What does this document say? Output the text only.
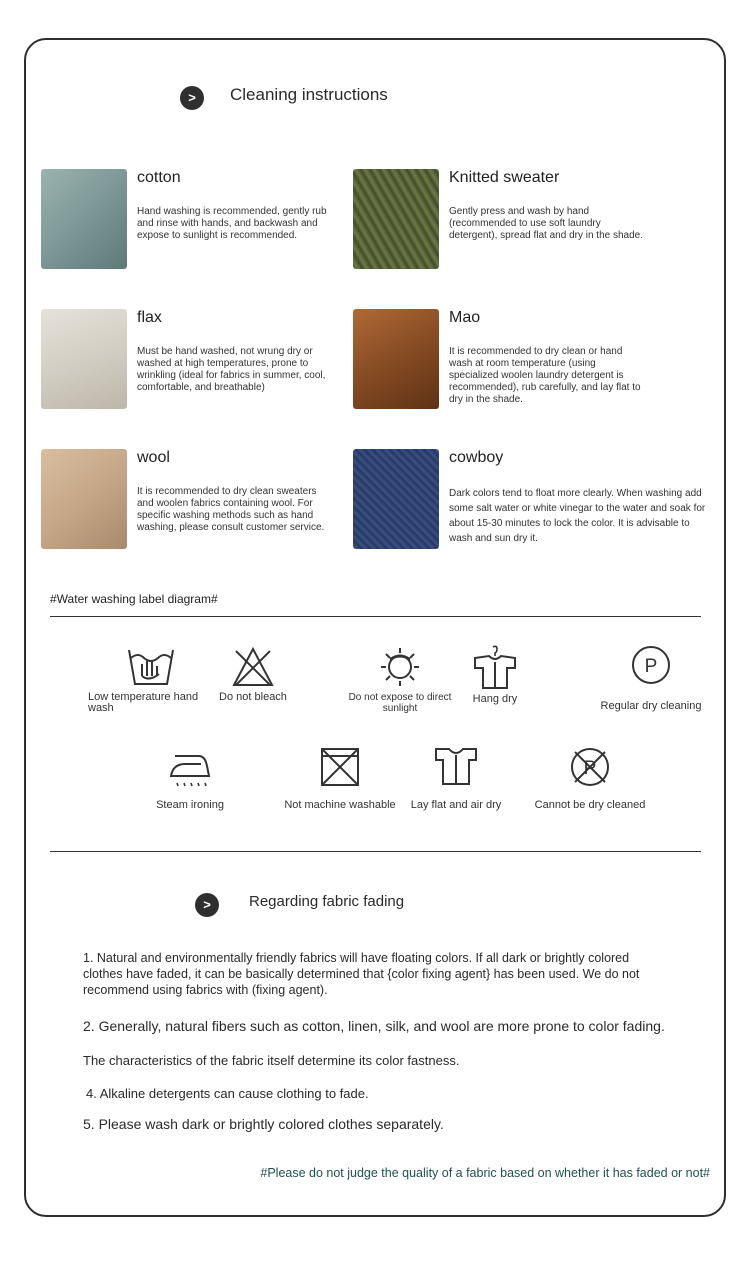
>	Cleaning instructions
cotton
Hand washing is recommended, gently rub and rinse with hands, and backwash and expose to sunlight is recommended.
Knitted sweater
Gently press and wash by hand (recommended to use soft laundry detergent), spread flat and dry in the shade.
flax
Must be hand washed, not wrung dry or washed at high temperatures, prone to wrinkling (ideal for fabrics in summer, cool, comfortable, and breathable)
Mao
It is recommended to dry clean or hand wash at room temperature (using specialized woolen laundry detergent is recommended), rub carefully, and lay flat to dry in the shade.
wool
It is recommended to dry clean sweaters and woolen fabrics containing wool. For specific washing methods such as hand washing, please consult customer service.
cowboy
Dark colors tend to float more clearly. When washing add some salt water or white vinegar to the water and soak for about 15-30 minutes to lock the color. It is advisable to wash and sun dry it.
#Water washing label diagram#
Low temperature hand wash
Do not bleach	Do not expose to direct sunlight
Hang dry
P
Regular dry cleaning
Steam ironing	Not machine washable	Lay flat and air dry
P
Cannot be dry cleaned
>	Regarding fabric fading
1. Natural and environmentally friendly fabrics will have floating colors. If all dark or brightly colored clothes have faded, it can be basically determined that {color fixing agent} has been used. We do not recommend using fabrics with (fixing agent).
2. Generally, natural fibers such as cotton, linen, silk, and wool are more prone to color fading.
The characteristics of the fabric itself determine its color fastness.
4. Alkaline detergents can cause clothing to fade.
5. Please wash dark or brightly colored clothes separately.
#Please do not judge the quality of a fabric based on whether it has faded or not#
